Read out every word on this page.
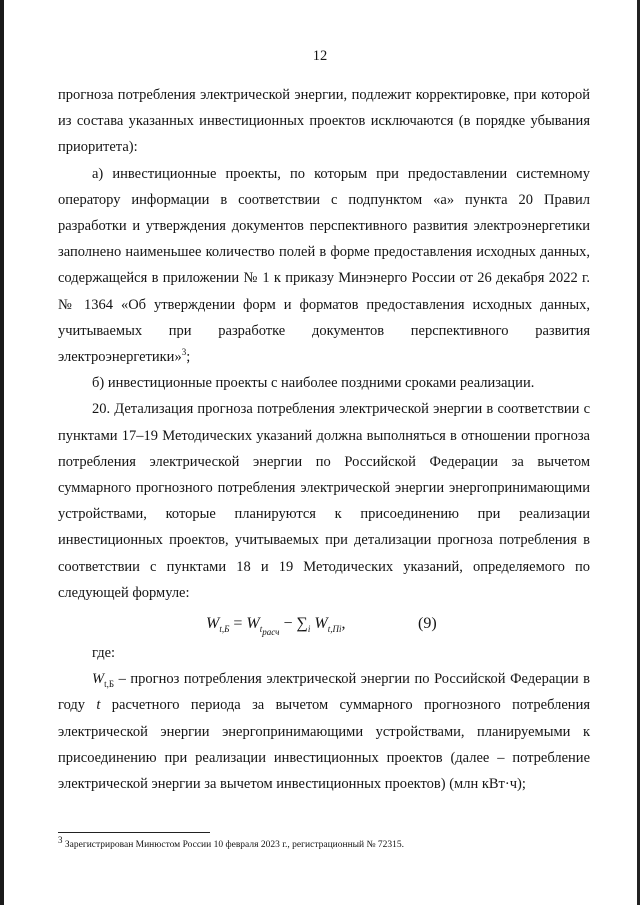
12

прогноза потребления электрической энергии, подлежит корректировке, при которой из состава указанных инвестиционных проектов исключаются (в порядке убывания приоритета):

а) инвестиционные проекты, по которым при предоставлении системному оператору информации в соответствии с подпунктом «а» пункта 20 Правил разработки и утверждения документов перспективного развития электроэнергетики заполнено наименьшее количество полей в форме предоставления исходных данных, содержащейся в приложении № 1 к приказу Минэнерго России от 26 декабря 2022 г. № 1364 «Об утверждении форм и форматов предоставления исходных данных, учитываемых при разработке документов перспективного развития электроэнергетики»$^3$;

б) инвестиционные проекты с наиболее поздними сроками реализации.

20. Детализация прогноза потребления электрической энергии в соответствии с пунктами 17–19 Методических указаний должна выполняться в отношении прогноза потребления электрической энергии по Российской Федерации за вычетом суммарного прогнозного потребления электрической энергии энергопринимающими устройствами, которые планируются к присоединению при реализации инвестиционных проектов, учитываемых при детализации прогноза потребления в соответствии с пунктами 18 и 19 Методических указаний, определяемого по следующей формуле:

$W_{t,Б} = W_{t_{расч}} - \sum_i$ $W_{t,Пi}$,	(9)

где:

$W_{t,Б}$ – прогноз потребления электрической энергии по Российской Федерации в году t расчетного периода за вычетом суммарного прогнозного потребления электрической энергии энергопринимающими устройствами, планируемыми к присоединению при реализации инвестиционных проектов (далее – потребление электрической энергии за вычетом инвестиционных проектов) (млн кВт·ч);

$^3$ Зарегистрирован Минюстом России 10 февраля 2023 г., регистрационный № 72315.
